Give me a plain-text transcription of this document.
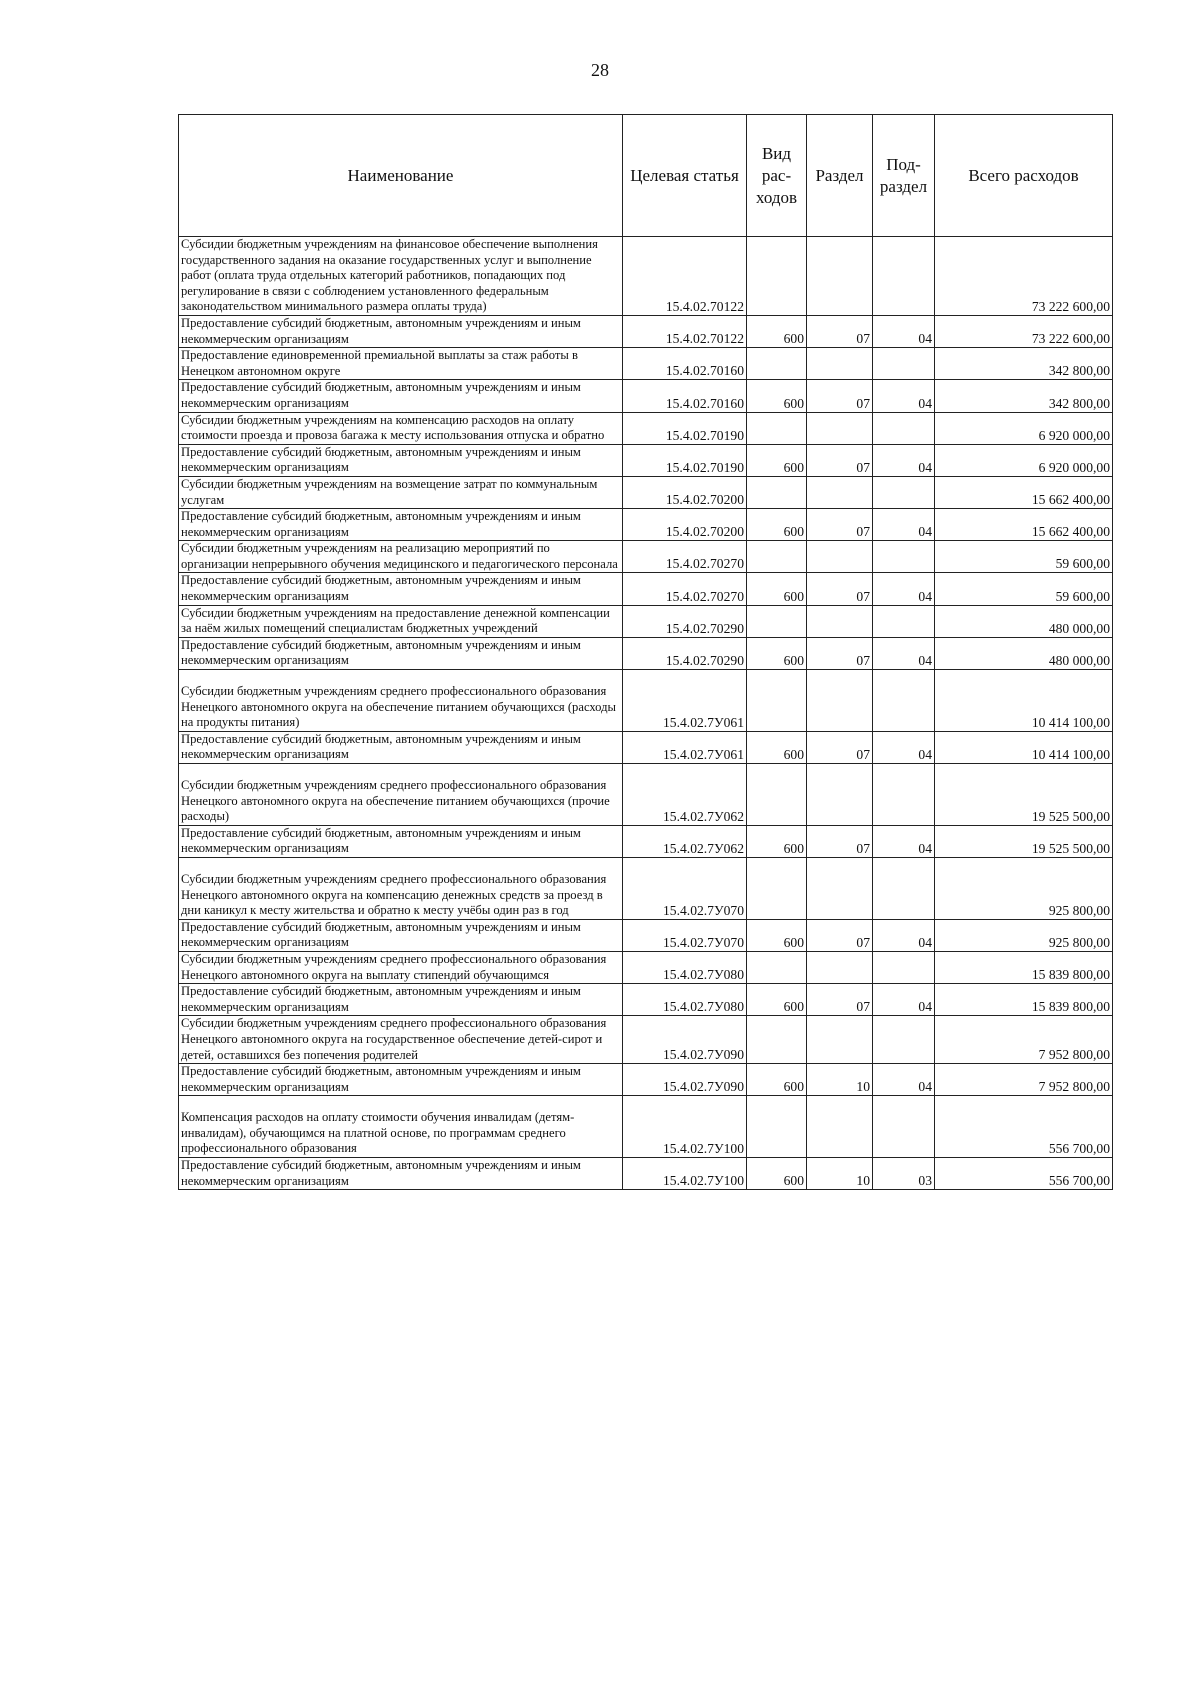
28
Наименование	Целевая статья	Вид рас- ходов	Раздел	Под- раздел	Всего расходов
Субсидии бюджетным учреждениям на финансовое обеспечение выполнения государственного задания на оказание государственных услуг и выполнение работ (оплата труда отдельных категорий работников, попадающих под регулирование в связи с соблюдением установленного федеральным законодательством минимального размера оплаты труда)	15.4.02.70122				73 222 600,00
Предоставление субсидий бюджетным, автономным учреждениям и иным некоммерческим организациям	15.4.02.70122	600	07	04	73 222 600,00
Предоставление единовременной премиальной выплаты за стаж работы в Ненецком автономном округе	15.4.02.70160				342 800,00
Предоставление субсидий бюджетным, автономным учреждениям и иным некоммерческим организациям	15.4.02.70160	600	07	04	342 800,00
Субсидии бюджетным учреждениям на компенсацию расходов на оплату стоимости проезда и провоза багажа к месту использования отпуска и обратно	15.4.02.70190				6 920 000,00
Предоставление субсидий бюджетным, автономным учреждениям и иным некоммерческим организациям	15.4.02.70190	600	07	04	6 920 000,00
Субсидии бюджетным учреждениям на возмещение затрат по коммунальным услугам	15.4.02.70200				15 662 400,00
Предоставление субсидий бюджетным, автономным учреждениям и иным некоммерческим организациям	15.4.02.70200	600	07	04	15 662 400,00
Субсидии бюджетным учреждениям на реализацию мероприятий по организации непрерывного обучения медицинского и педагогического персонала	15.4.02.70270				59 600,00
Предоставление субсидий бюджетным, автономным учреждениям и иным некоммерческим организациям	15.4.02.70270	600	07	04	59 600,00
Субсидии бюджетным учреждениям на предоставление денежной компенсации за наём жилых помещений специалистам бюджетных учреждений	15.4.02.70290				480 000,00
Предоставление субсидий бюджетным, автономным учреждениям и иным некоммерческим организациям	15.4.02.70290	600	07	04	480 000,00
Субсидии бюджетным учреждениям среднего профессионального образования Ненецкого автономного округа на обеспечение питанием обучающихся (расходы на продукты питания)	15.4.02.7У061				10 414 100,00
Предоставление субсидий бюджетным, автономным учреждениям и иным некоммерческим организациям	15.4.02.7У061	600	07	04	10 414 100,00
Субсидии бюджетным учреждениям среднего профессионального образования Ненецкого автономного округа на обеспечение питанием обучающихся (прочие расходы)	15.4.02.7У062				19 525 500,00
Предоставление субсидий бюджетным, автономным учреждениям и иным некоммерческим организациям	15.4.02.7У062	600	07	04	19 525 500,00
Субсидии бюджетным учреждениям среднего профессионального образования Ненецкого автономного округа на компенсацию денежных средств за проезд в дни каникул к месту жительства и обратно к месту учёбы один раз в год	15.4.02.7У070				925 800,00
Предоставление субсидий бюджетным, автономным учреждениям и иным некоммерческим организациям	15.4.02.7У070	600	07	04	925 800,00
Субсидии бюджетным учреждениям среднего профессионального образования Ненецкого автономного округа на выплату стипендий обучающимся	15.4.02.7У080				15 839 800,00
Предоставление субсидий бюджетным, автономным учреждениям и иным некоммерческим организациям	15.4.02.7У080	600	07	04	15 839 800,00
Субсидии бюджетным учреждениям среднего профессионального образования Ненецкого автономного округа на государственное обеспечение детей-сирот и детей, оставшихся без попечения родителей	15.4.02.7У090				7 952 800,00
Предоставление субсидий бюджетным, автономным учреждениям и иным некоммерческим организациям	15.4.02.7У090	600	10	04	7 952 800,00
Компенсация расходов на оплату стоимости обучения инвалидам (детям-инвалидам), обучающимся на платной основе, по программам среднего профессионального образования	15.4.02.7У100				556 700,00
Предоставление субсидий бюджетным, автономным учреждениям и иным некоммерческим организациям	15.4.02.7У100	600	10	03	556 700,00
